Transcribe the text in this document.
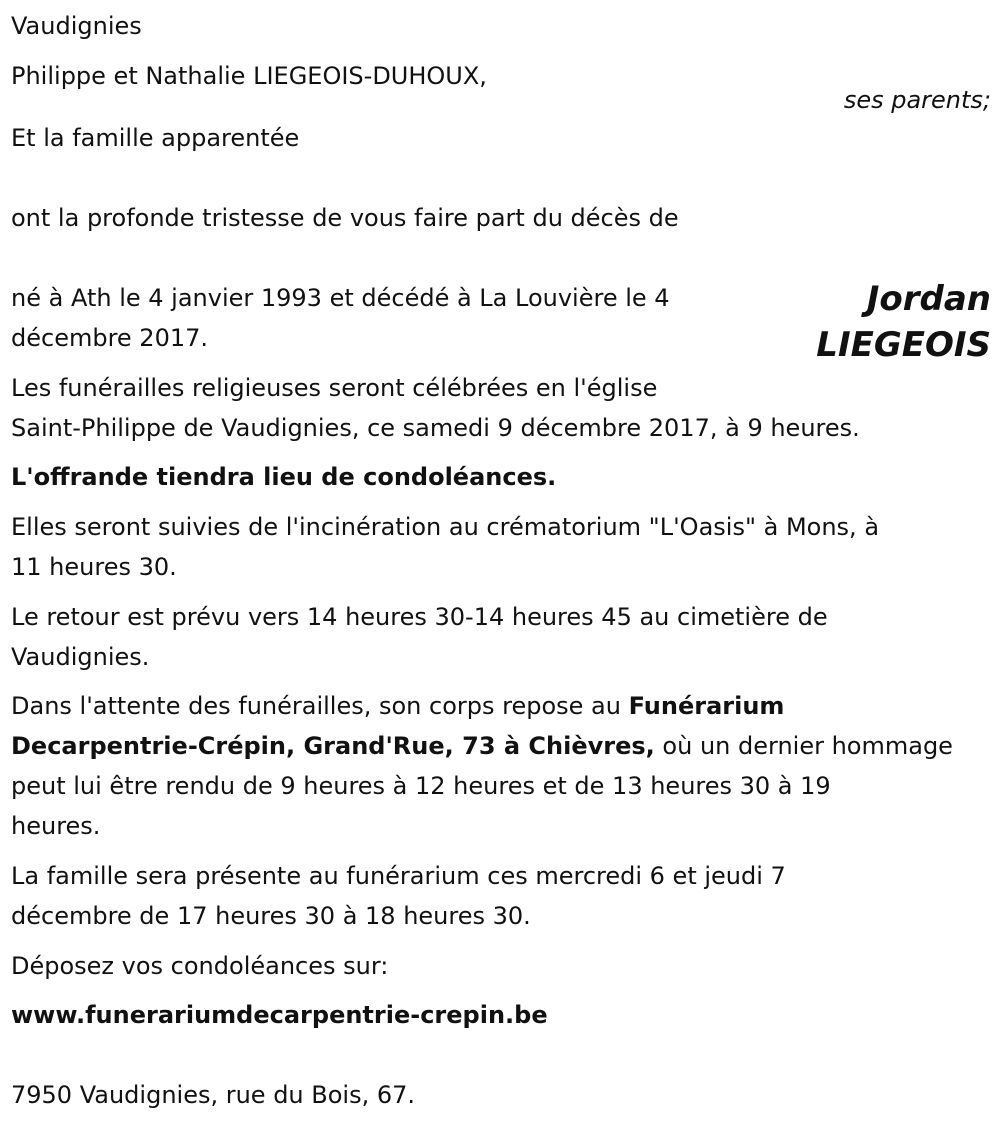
Vaudignies
Philippe et Nathalie LIEGEOIS-DUHOUX,
ses parents;
Et la famille apparentée
ont la profonde tristesse de vous faire part du décès de
Jordan
LIEGEOIS
né à Ath le 4 janvier 1993 et décédé à La Louvière le 4
décembre 2017.
Les funérailles religieuses seront célébrées en l'église
Saint-Philippe de Vaudignies, ce samedi 9 décembre 2017, à 9 heures.
L'offrande tiendra lieu de condoléances.
Elles seront suivies de l'incinération au crématorium "L'Oasis" à Mons, à
11 heures 30.
Le retour est prévu vers 14 heures 30-14 heures 45 au cimetière de
Vaudignies.
Dans l'attente des funérailles, son corps repose au Funérarium
Decarpentrie-Crépin, Grand'Rue, 73 à Chièvres, où un dernier hommage
peut lui être rendu de 9 heures à 12 heures et de 13 heures 30 à 19
heures.
La famille sera présente au funérarium ces mercredi 6 et jeudi 7
décembre de 17 heures 30 à 18 heures 30.
Déposez vos condoléances sur:
www.funerariumdecarpentrie-crepin.be
7950 Vaudignies, rue du Bois, 67.
